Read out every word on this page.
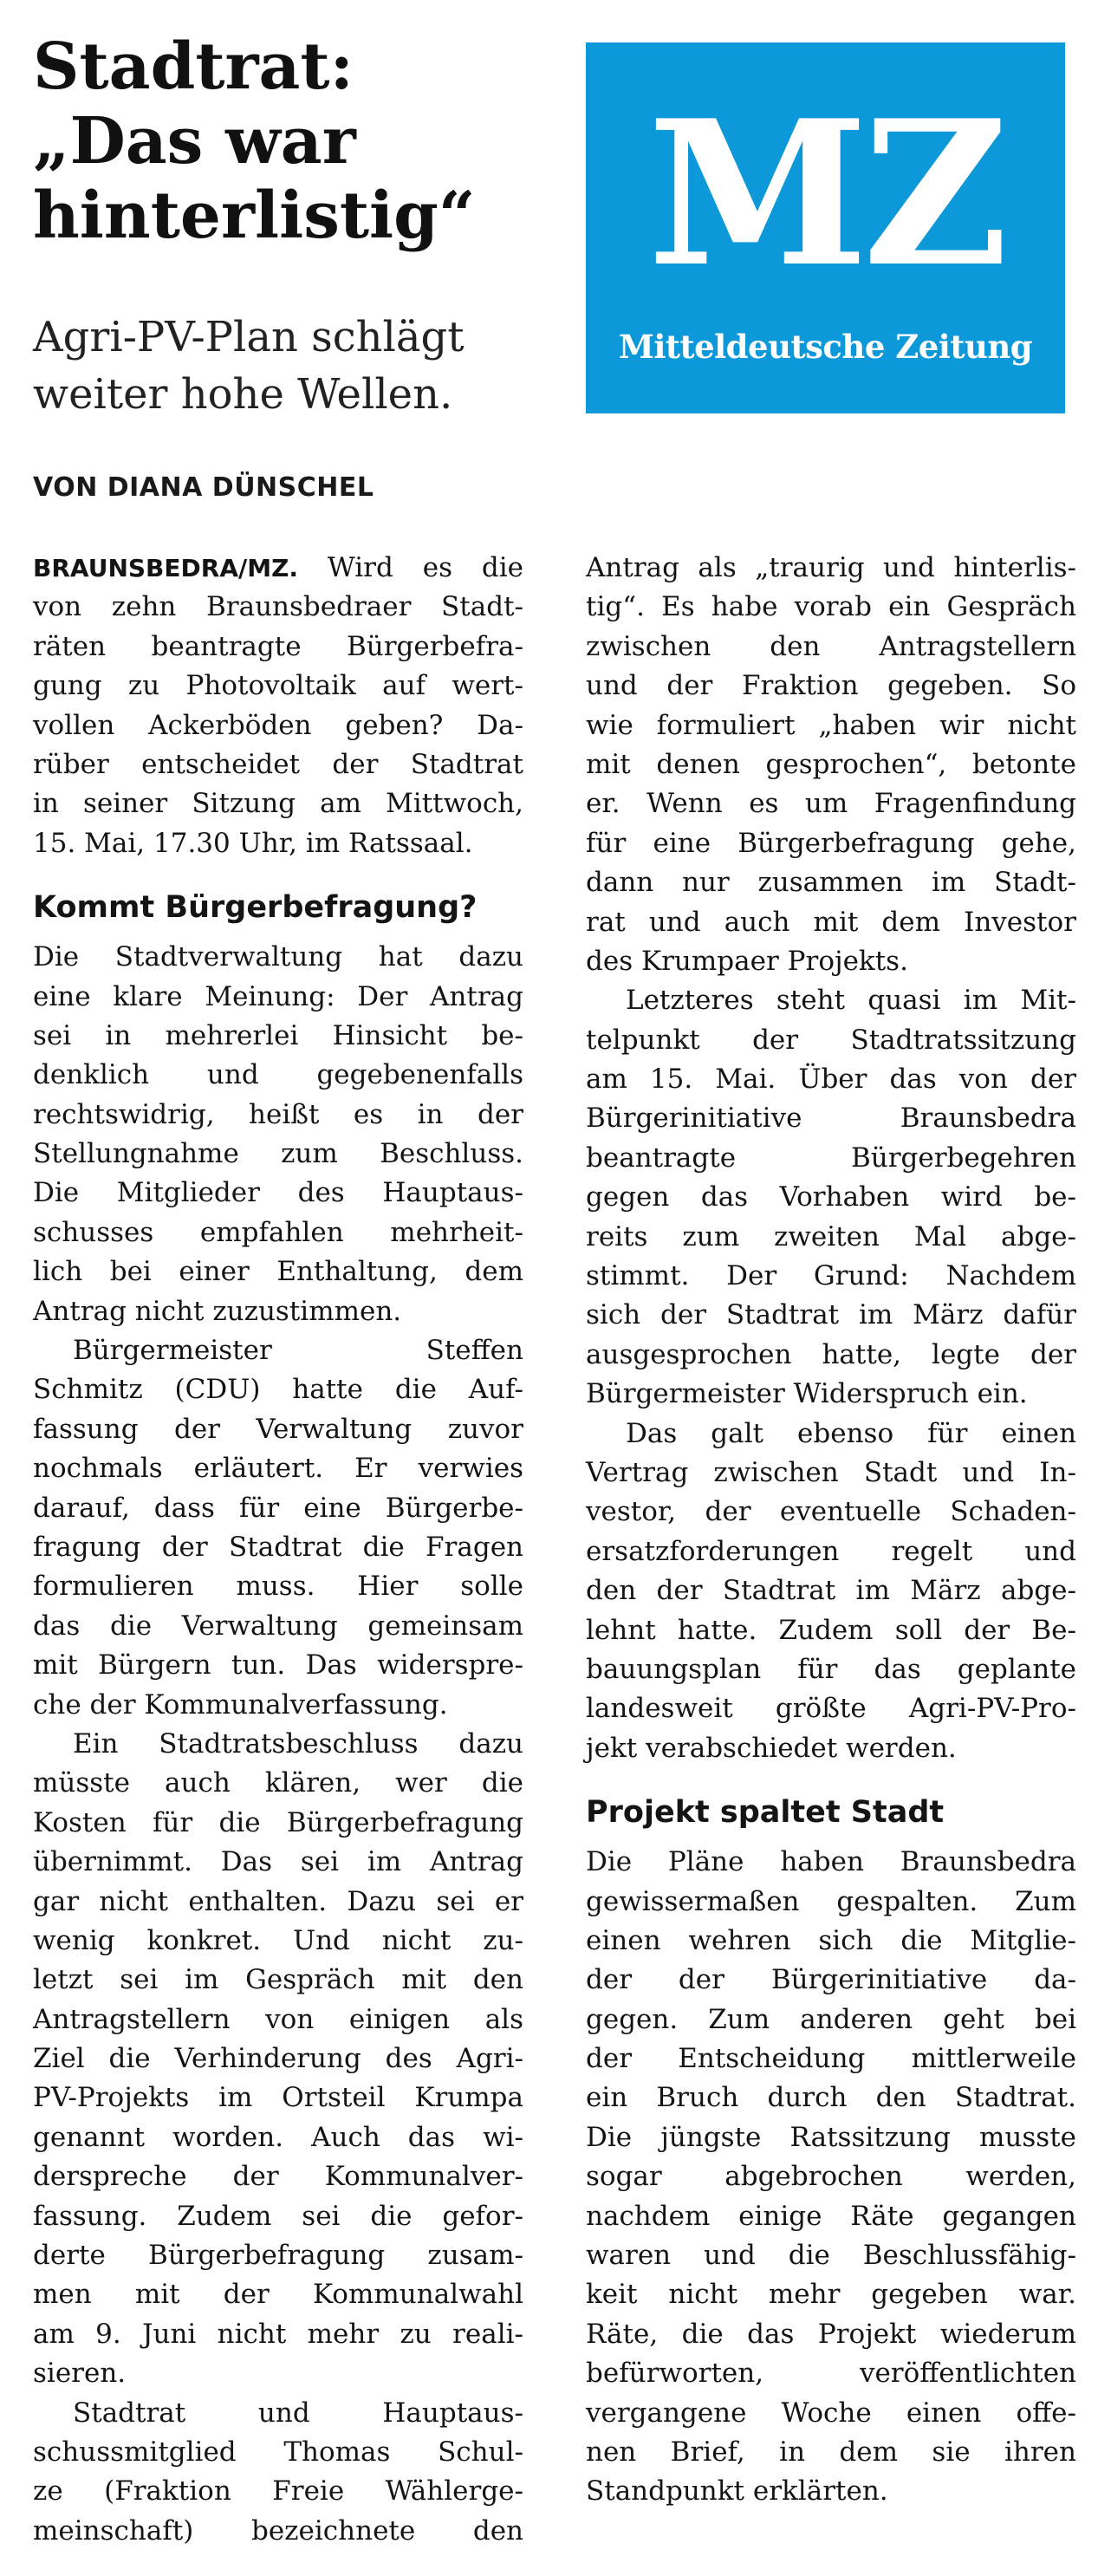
Stadtrat:
„Das war
hinterlistig“
Agri-PV-Plan schlägt
weiter hohe Wellen.
VON DIANA DÜNSCHEL
MZ
Mitteldeutsche Zeitung
BRAUNSBEDRA/MZ. Wird es die
von zehn Braunsbedraer Stadt-
räten beantragte Bürgerbefra-
gung zu Photovoltaik auf wert-
vollen Ackerböden geben? Da-
rüber entscheidet der Stadtrat
in seiner Sitzung am Mittwoch,
15. Mai, 17.30 Uhr, im Ratssaal.
Kommt Bürgerbefragung?
Die Stadtverwaltung hat dazu
eine klare Meinung: Der Antrag
sei in mehrerlei Hinsicht be-
denklich und gegebenenfalls
rechtswidrig, heißt es in der
Stellungnahme zum Beschluss.
Die Mitglieder des Hauptaus-
schusses empfahlen mehrheit-
lich bei einer Enthaltung, dem
Antrag nicht zuzustimmen.
Bürgermeister Steffen
Schmitz (CDU) hatte die Auf-
fassung der Verwaltung zuvor
nochmals erläutert. Er verwies
darauf, dass für eine Bürgerbe-
fragung der Stadtrat die Fragen
formulieren muss. Hier solle
das die Verwaltung gemeinsam
mit Bürgern tun. Das widerspre-
che der Kommunalverfassung.
Ein Stadtratsbeschluss dazu
müsste auch klären, wer die
Kosten für die Bürgerbefragung
übernimmt. Das sei im Antrag
gar nicht enthalten. Dazu sei er
wenig konkret. Und nicht zu-
letzt sei im Gespräch mit den
Antragstellern von einigen als
Ziel die Verhinderung des Agri-
PV-Projekts im Ortsteil Krumpa
genannt worden. Auch das wi-
derspreche der Kommunalver-
fassung. Zudem sei die gefor-
derte Bürgerbefragung zusam-
men mit der Kommunalwahl
am 9. Juni nicht mehr zu reali-
sieren.
Stadtrat und Hauptaus-
schussmitglied Thomas Schul-
ze (Fraktion Freie Wählerge-
meinschaft) bezeichnete den
Antrag als „traurig und hinterlis-
tig“. Es habe vorab ein Gespräch
zwischen den Antragstellern
und der Fraktion gegeben. So
wie formuliert „haben wir nicht
mit denen gesprochen“, betonte
er. Wenn es um Fragenfindung
für eine Bürgerbefragung gehe,
dann nur zusammen im Stadt-
rat und auch mit dem Investor
des Krumpaer Projekts.
Letzteres steht quasi im Mit-
telpunkt der Stadtratssitzung
am 15. Mai. Über das von der
Bürgerinitiative Braunsbedra
beantragte Bürgerbegehren
gegen das Vorhaben wird be-
reits zum zweiten Mal abge-
stimmt. Der Grund: Nachdem
sich der Stadtrat im März dafür
ausgesprochen hatte, legte der
Bürgermeister Widerspruch ein.
Das galt ebenso für einen
Vertrag zwischen Stadt und In-
vestor, der eventuelle Schaden-
ersatzforderungen regelt und
den der Stadtrat im März abge-
lehnt hatte. Zudem soll der Be-
bauungsplan für das geplante
landesweit größte Agri-PV-Pro-
jekt verabschiedet werden.
Projekt spaltet Stadt
Die Pläne haben Braunsbedra
gewissermaßen gespalten. Zum
einen wehren sich die Mitglie-
der der Bürgerinitiative da-
gegen. Zum anderen geht bei
der Entscheidung mittlerweile
ein Bruch durch den Stadtrat.
Die jüngste Ratssitzung musste
sogar abgebrochen werden,
nachdem einige Räte gegangen
waren und die Beschlussfähig-
keit nicht mehr gegeben war.
Räte, die das Projekt wiederum
befürworten, veröffentlichten
vergangene Woche einen offe-
nen Brief, in dem sie ihren
Standpunkt erklärten.
